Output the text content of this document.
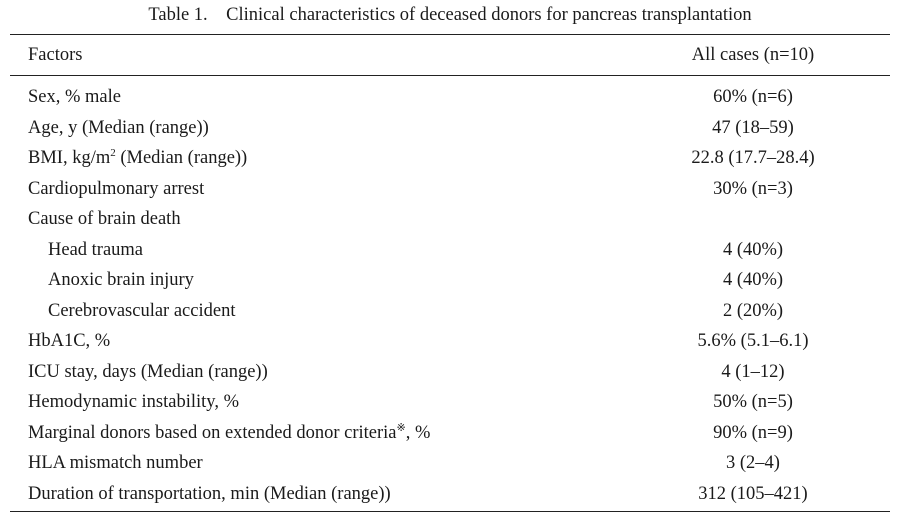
Table 1. Clinical characteristics of deceased donors for pancreas transplantation
Factors	All cases (n=10)
Sex, % male	60% (n=6)
Age, y (Median (range))	47 (18–59)
BMI, $kg/m^2$ (Median (range))	22.8 (17.7–28.4)
Cardiopulmonary arrest	30% (n=3)
Cause of brain death
Head trauma	4 (40%)
Anoxic brain injury	4 (40%)
Cerebrovascular accident	2 (20%)
HbA1C, %	5.6% (5.1–6.1)
ICU stay, days (Median (range))	4 (1–12)
Hemodynamic instability, %	50% (n=5)
Marginal donors based on extended donor criteria※, %	90% (n=9)
HLA mismatch number	3 (2–4)
Duration of transportation, min (Median (range))	312 (105–421)
